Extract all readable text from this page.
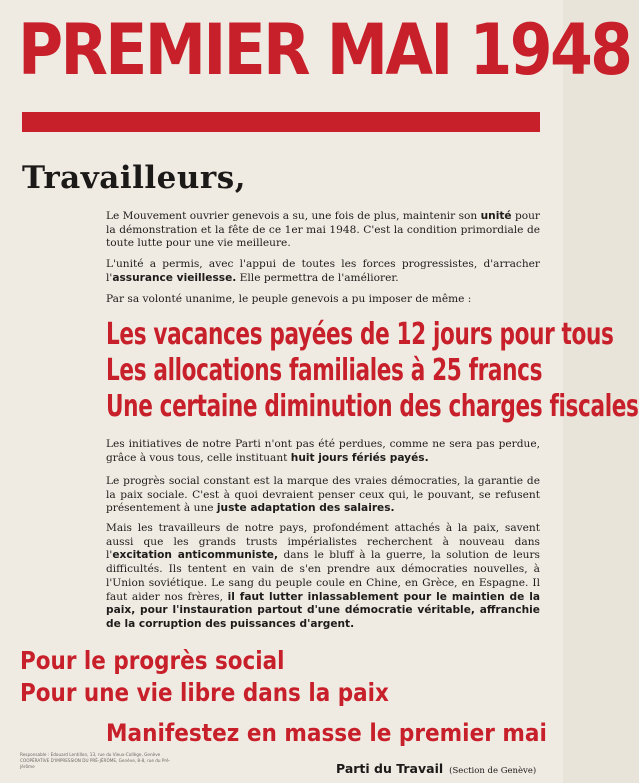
PREMIER MAI 1948
Travailleurs,

Le Mouvement ouvrier genevois a su, une fois de plus, maintenir son unité pour la démonstration et la fête de ce 1er mai 1948. C'est la condition primordiale de toute lutte pour une vie meilleure.

L'unité a permis, avec l'appui de toutes les forces progressistes, d'arracher l'assurance vieillesse. Elle permettra de l'améliorer.

Par sa volonté unanime, le peuple genevois a pu imposer de même :

Les vacances payées de 12 jours pour tous
Les allocations familiales à 25 francs
Une certaine diminution des charges fiscales

Les initiatives de notre Parti n'ont pas été perdues, comme ne sera pas perdue, grâce à vous tous, celle instituant huit jours fériés payés.

Le progrès social constant est la marque des vraies démocraties, la garantie de la paix sociale. C'est à quoi devraient penser ceux qui, le pouvant, se refusent présentement à une juste adaptation des salaires.

Mais les travailleurs de notre pays, profondément attachés à la paix, savent aussi que les grands trusts impérialistes recherchent à nouveau dans l'excitation anticommuniste, dans le bluff à la guerre, la solution de leurs difficultés. Ils tentent en vain de s'en prendre aux démocraties nouvelles, à l'Union soviétique. Le sang du peuple coule en Chine, en Grèce, en Espagne. Il faut aider nos frères, il faut lutter inlassablement pour le maintien de la paix, pour l'instauration partout d'une démocratie véritable, affranchie de la corruption des puissances d'argent.

Pour le progrès social
Pour une vie libre dans la paix
Manifestez en masse le premier mai
Responsable : Edouard Lentillon, 13, rue du Vieux-Collège, Genève
COOPÉRATIVE D'IMPRESSION DU PRÉ-JÉRÔME, Genève, 8-8, rue du Pré-Jérôme	Parti du Travail (Section de Genève)
